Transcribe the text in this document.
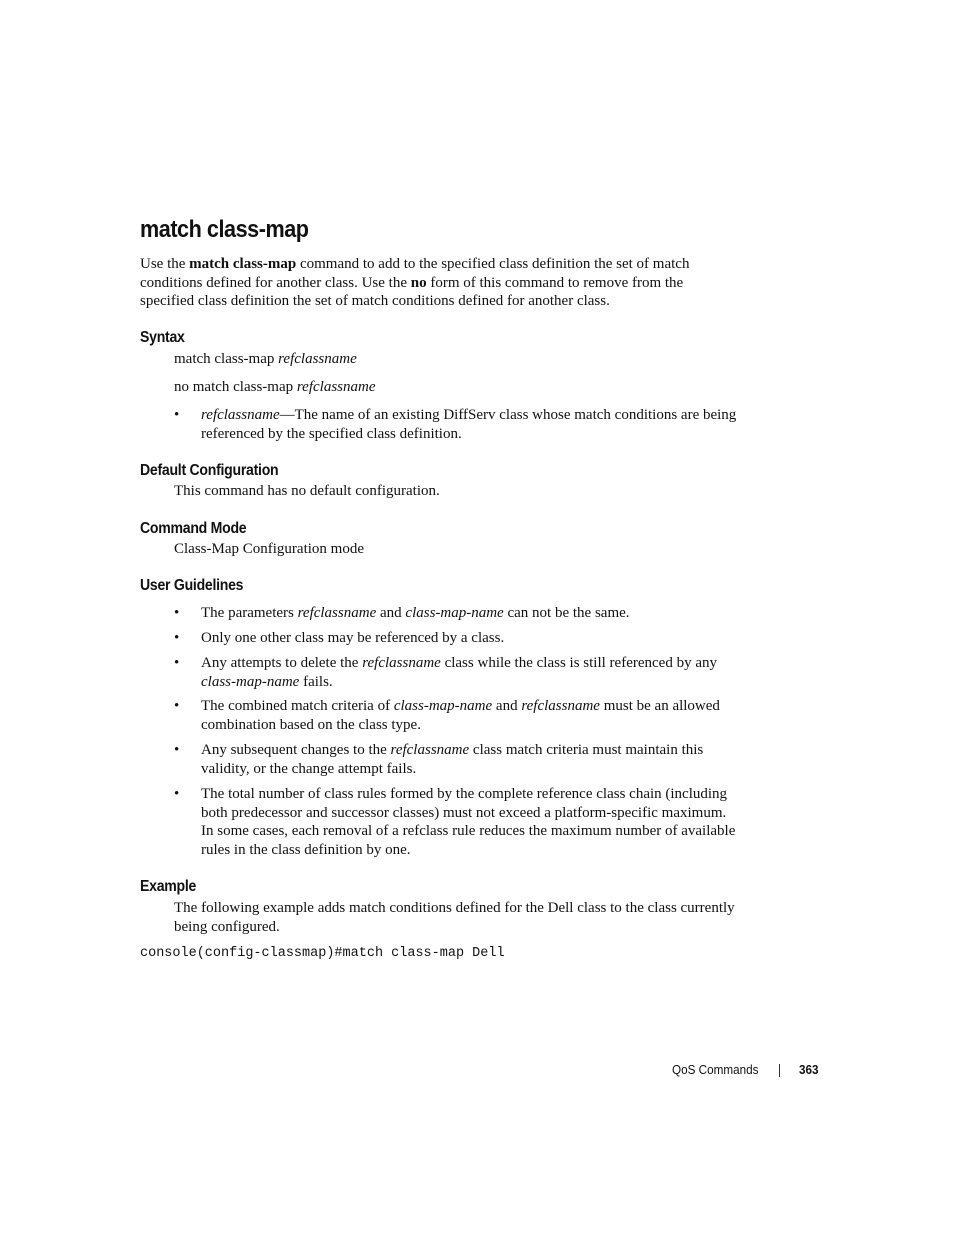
match class-map

Use the match class-map command to add to the specified class definition the set of match
conditions defined for another class. Use the no form of this command to remove from the
specified class definition the set of match conditions defined for another class.

Syntax

match class-map refclassname

no match class-map refclassname

• refclassname—The name of an existing DiffServ class whose match conditions are being
referenced by the specified class definition.
Default Configuration

This command has no default configuration.

Command Mode

Class-Map Configuration mode

User Guidelines
• The parameters refclassname and class-map-name can not be the same.
• Only one other class may be referenced by a class.
• Any attempts to delete the refclassname class while the class is still referenced by any
class-map-name fails.
• The combined match criteria of class-map-name and refclassname must be an allowed
combination based on the class type.
• Any subsequent changes to the refclassname class match criteria must maintain this
validity, or the change attempt fails.
• The total number of class rules formed by the complete reference class chain (including
both predecessor and successor classes) must not exceed a platform-specific maximum.
In some cases, each removal of a refclass rule reduces the maximum number of available
rules in the class definition by one.
Example

The following example adds match conditions defined for the Dell class to the class currently
being configured.

console(config-classmap)#match class-map Dell

QoS Commands	363
